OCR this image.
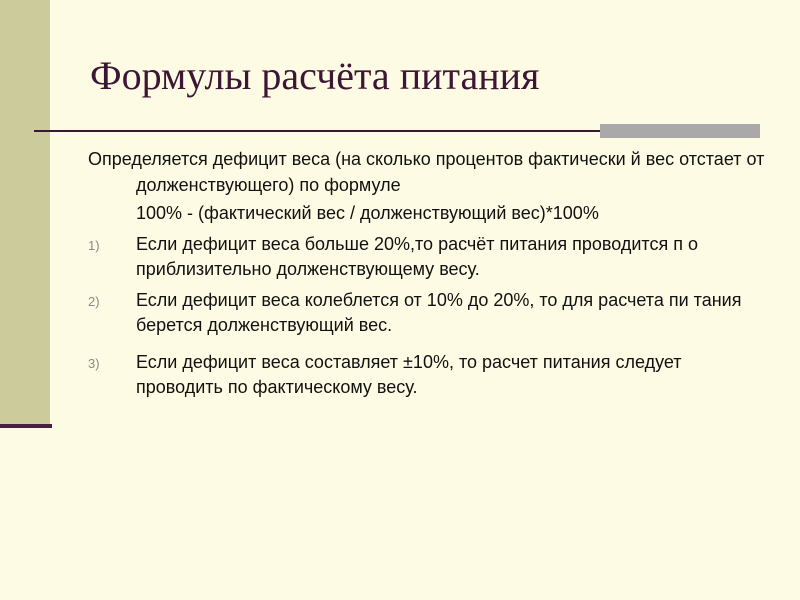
Формулы расчёта питания

Определяется дефицит веса (на сколько процентов фактически й вес отстает от долженствующего) по формуле

100% - (фактический вес / долженствующий вес)*100%

1) Если дефицит веса больше 20%,то расчёт питания проводится п о приблизительно долженствующему весу.
2) Если дефицит веса колеблется от 10% до 20%, то для расчета пи тания берется долженствующий вес.
3) Если дефицит веса составляет ±10%, то расчет питания следует проводить по фактическому весу.
